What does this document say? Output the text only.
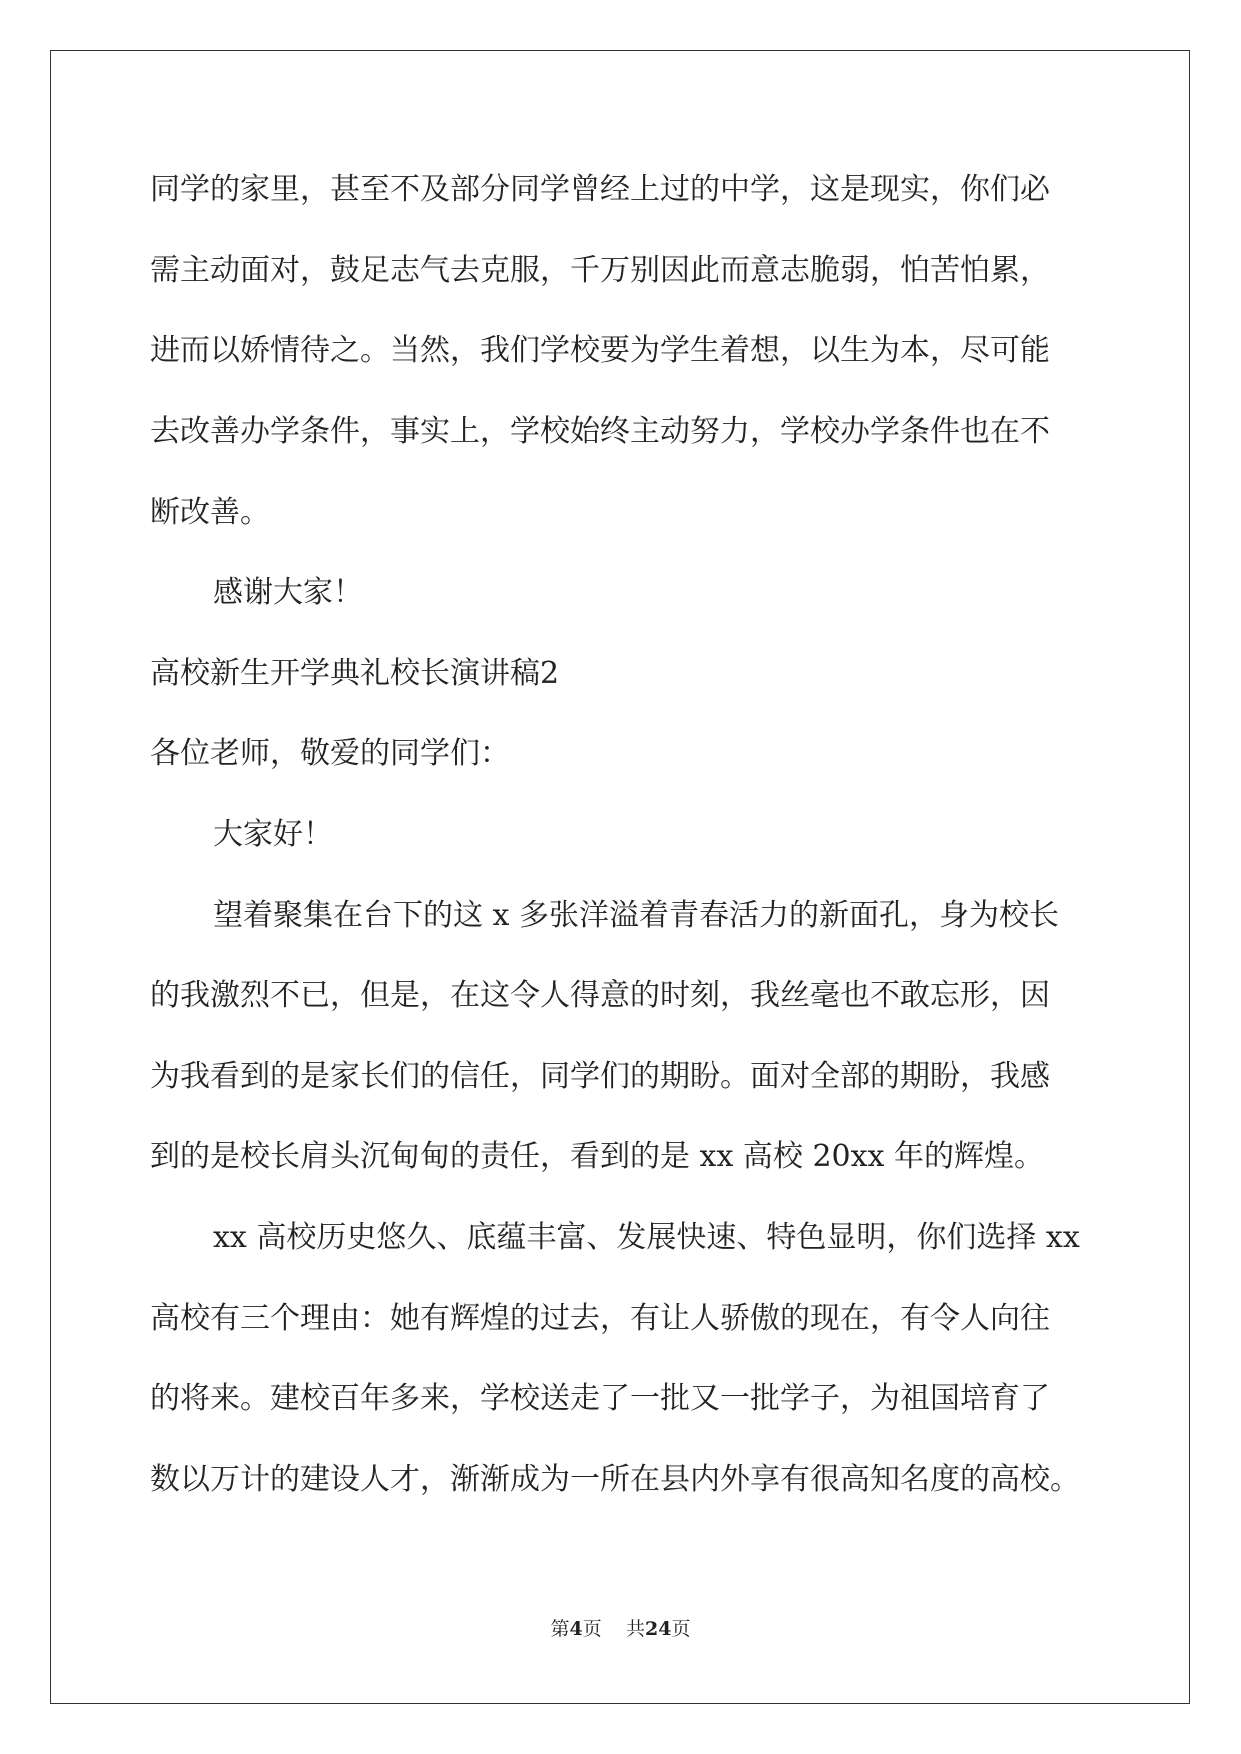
同学的家里，甚至不及部分同学曾经上过的中学，这是现实，你们必
需主动面对，鼓足志气去克服，千万别因此而意志脆弱，怕苦怕累，
进而以娇情待之。当然，我们学校要为学生着想，以生为本，尽可能
去改善办学条件，事实上，学校始终主动努力，学校办学条件也在不
断改善。
感谢大家！
高校新生开学典礼校长演讲稿2
各位老师，敬爱的同学们：
大家好！
望着聚集在台下的这 x 多张洋溢着青春活力的新面孔，身为校长
的我激烈不已，但是，在这令人得意的时刻，我丝毫也不敢忘形，因
为我看到的是家长们的信任，同学们的期盼。面对全部的期盼，我感
到的是校长肩头沉甸甸的责任，看到的是 xx 高校 20xx 年的辉煌。
xx 高校历史悠久、底蕴丰富、发展快速、特色显明，你们选择 xx
高校有三个理由：她有辉煌的过去，有让人骄傲的现在，有令人向往
的将来。建校百年多来，学校送走了一批又一批学子，为祖国培育了
数以万计的建设人才，渐渐成为一所在县内外享有很高知名度的高校。
第4页 共24页
